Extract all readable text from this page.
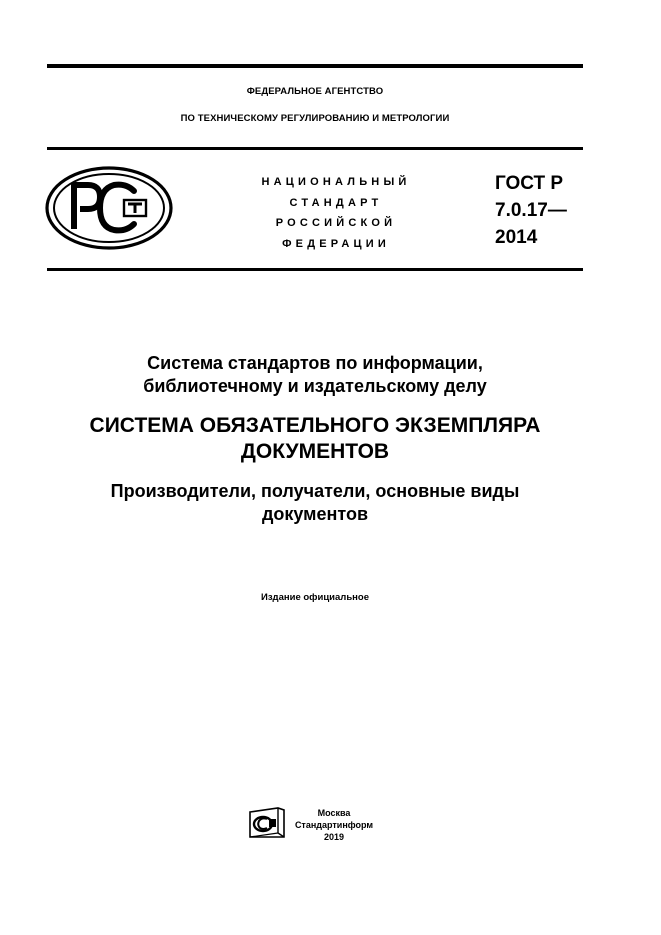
ФЕДЕРАЛЬНОЕ АГЕНТСТВО
ПО ТЕХНИЧЕСКОМУ РЕГУЛИРОВАНИЮ И МЕТРОЛОГИИ
НАЦИОНАЛЬНЫЙ
СТАНДАРТ
РОССИЙСКОЙ
ФЕДЕРАЦИИ
ГОСТ Р
7.0.17—
2014
Система стандартов по информации,
библиотечному и издательскому делу
СИСТЕМА ОБЯЗАТЕЛЬНОГО ЭКЗЕМПЛЯРА
ДОКУМЕНТОВ
Производители, получатели, основные виды
документов
Издание официальное
Москва
Стандартинформ
2019
